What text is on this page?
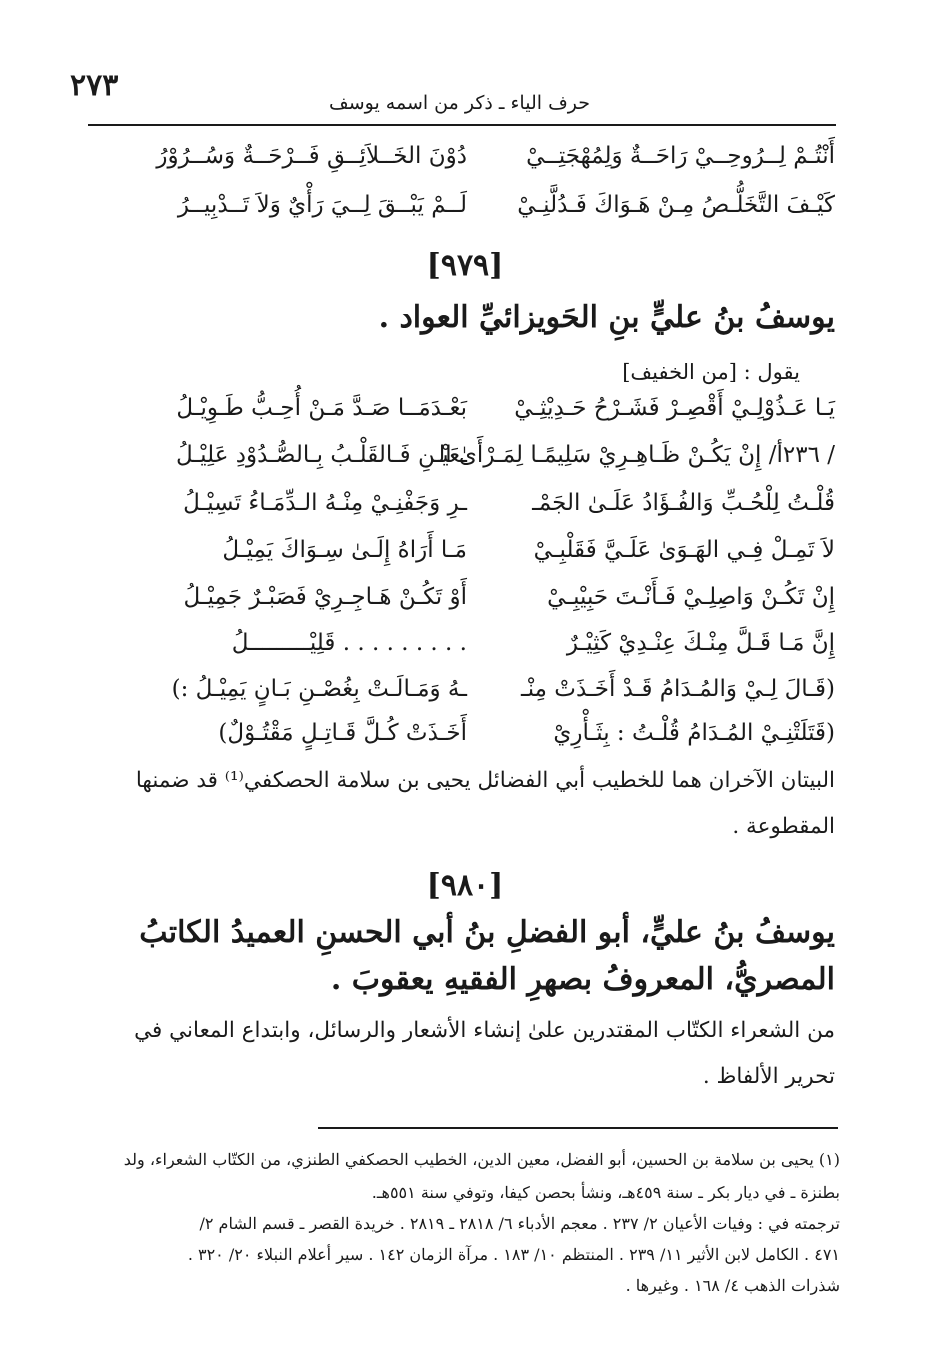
٢٧٣	حرف الياء ـ ذكر من اسمه يوسف
أَنْتُـمْ لِــرُوحِــيْ رَاحَــةٌ وَلِمُهْجَتِــيْ
دُوْنَ الخَــلاَئِــقِ فَــرْحَــةٌ وَسُــرُوْرُ
كَيْـفَ التَّخَلُّـصُ مِـنْ هَـوَاكَ فَـدُلَّنِـيْ
لَــمْ يَبْــقَ لِــيَ رَأْيٌ وَلاَ تَــدْبِيــرُ
[٩٧٩]
يوسفُ بنُ عليٍّ بنِ الحَويزائيِّ العواد .
يقول : [من الخفيف]
يَـا عَـذُوْلِـيْ أَقْصِـرْ فَشَـرْحُ حَـدِيْثِـيْ
بَعْـدَمَــا صَـدَّ مَـنْ أُحِـبُّ طَـوِيْـلُ
/ ٢٣٦أ/ إِنْ يَكُـنْ ظَـاهِـرِيْ سَلِيمًـا لِمَـرْأَىٰ الـ
ـعَيْـنِ فَـالقَلْـبُ بِـالصُّـدُوْدِ عَلِيْـلُ
قُلْـتُ لِلْحُـبِّ وَالفُـؤَادُ عَلَـىٰ الجَمْـ
ـرِ وَجَفْنِـيْ مِنْـهُ الـدِّمَـاءُ تَسِيْـلُ
لاَ تَمِـلْ فِـي الهَـوَىٰ عَلَـيَّ فَقَلْبِـيْ
مَـا أَرَاهُ إِلَـىٰ سِـوَاكَ يَمِيْـلُ
إِنْ تَكُـنْ وَاصِلِـيْ فَـأَنْـتَ حَبِيْبِـيْ
أَوْ تَكُـنْ هَـاجِـرِيْ فَصَبْـرٌ جَمِيْـلُ
إِنَّ مَـا قَـلَّ مِنْـكَ عِنْـدِيْ كَثِيْـرٌ
. . . . . . . . . قَلِيْـــــــــلُ
(قَـالَ لِـيْ وَالمُـدَامُ قَـدْ أَخَـذَتْ مِنْـ
ـهُ وَمَـالَـتْ بِغُصْـنِ بَـانٍ يَمِيْـلُ :)
(قَتَلَتْنِـيْ المُـدَامُ قُلْـتُ : بِثَـأْرِيْ
أَخَـذَتْ كُـلَّ قَـاتِـلٍ مَقْتُـوْلٌ)
البيتان الآخران هما للخطيب أبي الفضائل يحيى بن سلامة الحصكفي⁽¹⁾ قد ضمنها
المقطوعة .
[٩٨٠]
يوسفُ بنُ عليٍّ، أبو الفضلِ بنُ أبي الحسنِ العميدُ الكاتبُ
المصريُّ، المعروفُ بصهرِ الفقيهِ يعقوبَ .
من الشعراء الكتّاب المقتدرين علىٰ إنشاء الأشعار والرسائل، وابتداع المعاني في
تحرير الألفاظ .
(١) يحيى بن سلامة بن الحسين، أبو الفضل، معين الدين، الخطيب الحصكفي الطنزي، من الكتّاب الشعراء، ولد
بطنزة ـ في ديار بكر ـ سنة ٤٥٩هـ، ونشأ بحصن كيفا، وتوفي سنة ٥٥١هـ.
ترجمته في : وفيات الأعيان ٢/ ٢٣٧ . معجم الأدباء ٦/ ٢٨١٨ ـ ٢٨١٩ . خريدة القصر ـ قسم الشام ٢/
٤٧١ . الكامل لابن الأثير ١١/ ٢٣٩ . المنتظم ١٠/ ١٨٣ . مرآة الزمان ١٤٢ . سير أعلام النبلاء ٢٠/ ٣٢٠ .
شذرات الذهب ٤/ ١٦٨ . وغيرها .
